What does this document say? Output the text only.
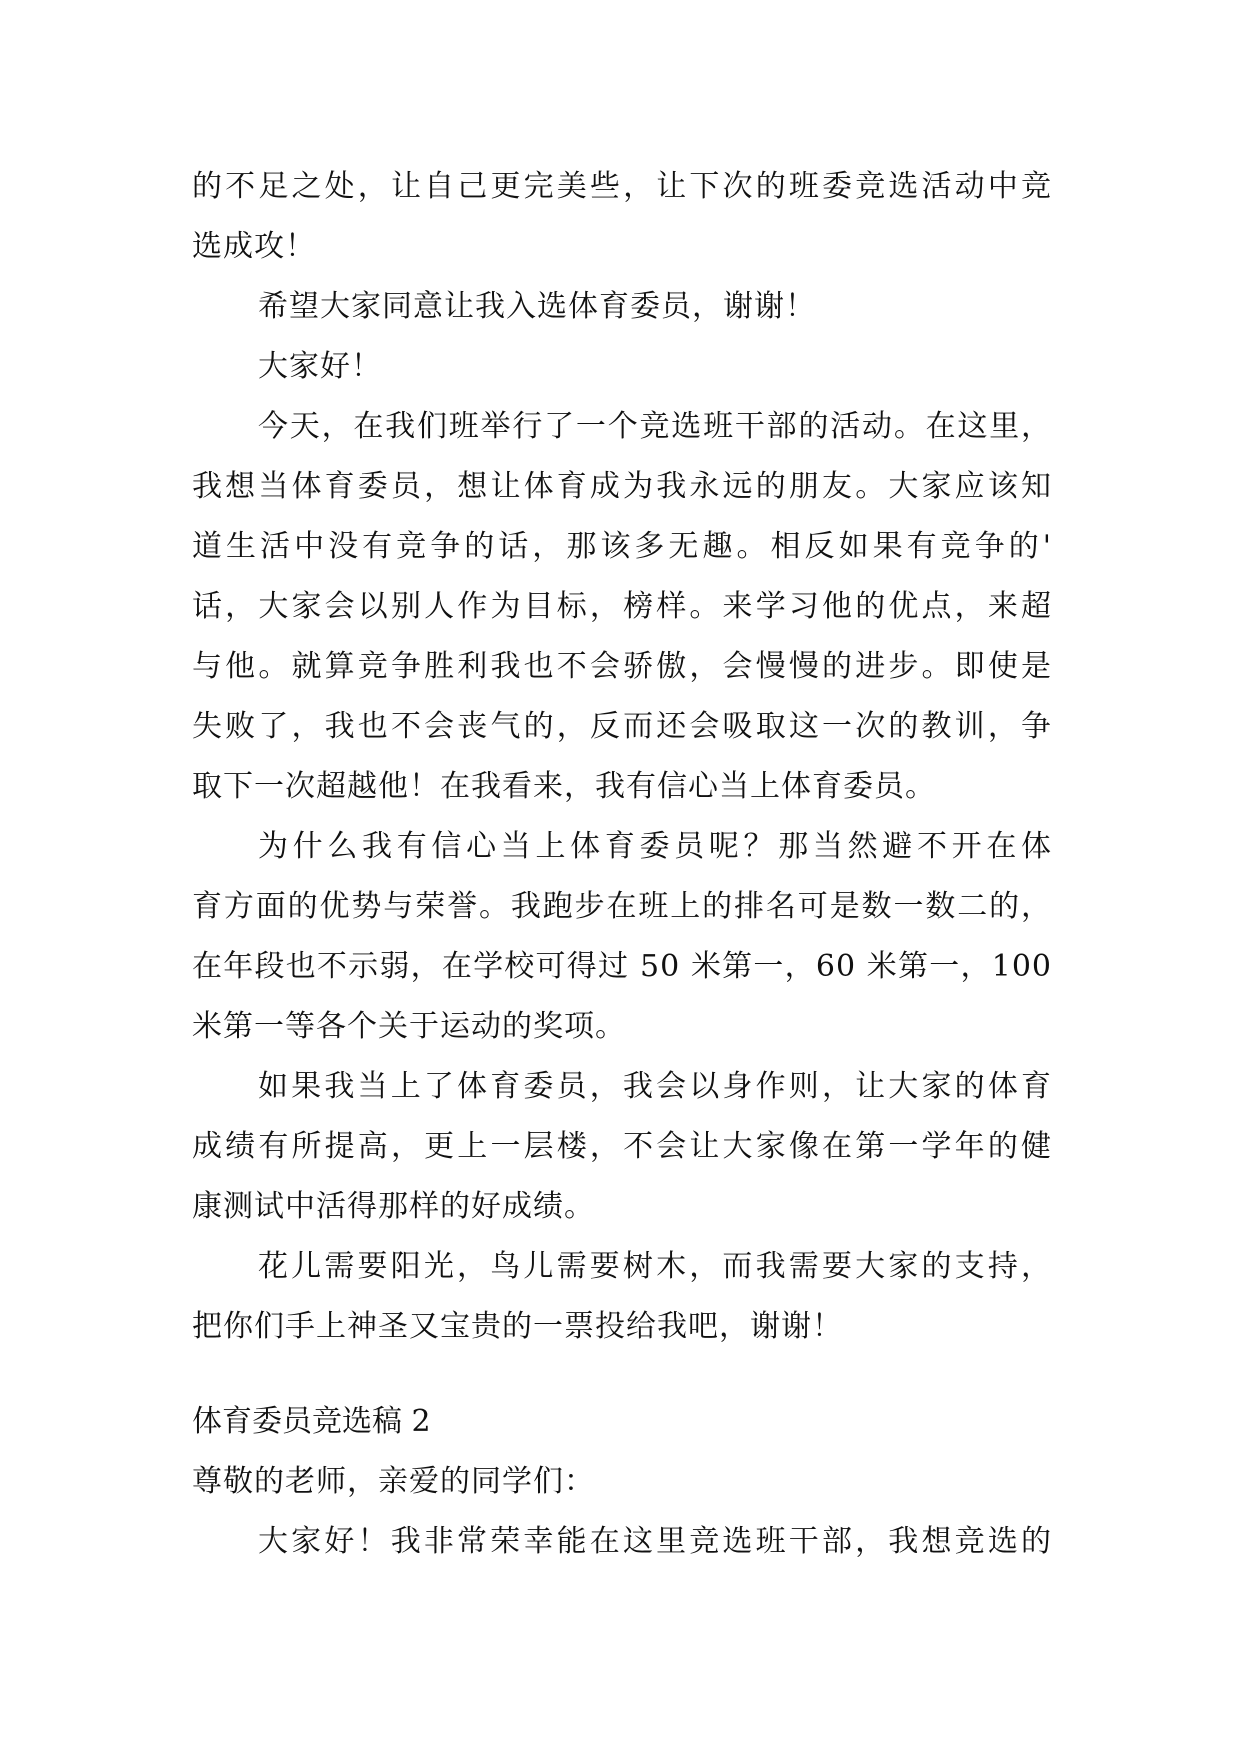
的不足之处，让自己更完美些，让下次的班委竞选活动中竞
选成攻！
希望大家同意让我入选体育委员，谢谢！
大家好！
今天，在我们班举行了一个竞选班干部的活动。在这里，
我想当体育委员，想让体育成为我永远的朋友。大家应该知
道生活中没有竞争的话，那该多无趣。相反如果有竞争的'
话，大家会以别人作为目标，榜样。来学习他的优点，来超
与他。就算竞争胜利我也不会骄傲，会慢慢的进步。即使是
失败了，我也不会丧气的，反而还会吸取这一次的教训，争
取下一次超越他！在我看来，我有信心当上体育委员。
为什么我有信心当上体育委员呢？那当然避不开在体
育方面的优势与荣誉。我跑步在班上的排名可是数一数二的，
在年段也不示弱，在学校可得过 50 米第一，60 米第一，100
米第一等各个关于运动的奖项。
如果我当上了体育委员，我会以身作则，让大家的体育
成绩有所提高，更上一层楼，不会让大家像在第一学年的健
康测试中活得那样的好成绩。
花儿需要阳光，鸟儿需要树木，而我需要大家的支持，
把你们手上神圣又宝贵的一票投给我吧，谢谢！
体育委员竞选稿 2
尊敬的老师，亲爱的同学们：
大家好！我非常荣幸能在这里竞选班干部，我想竞选的
